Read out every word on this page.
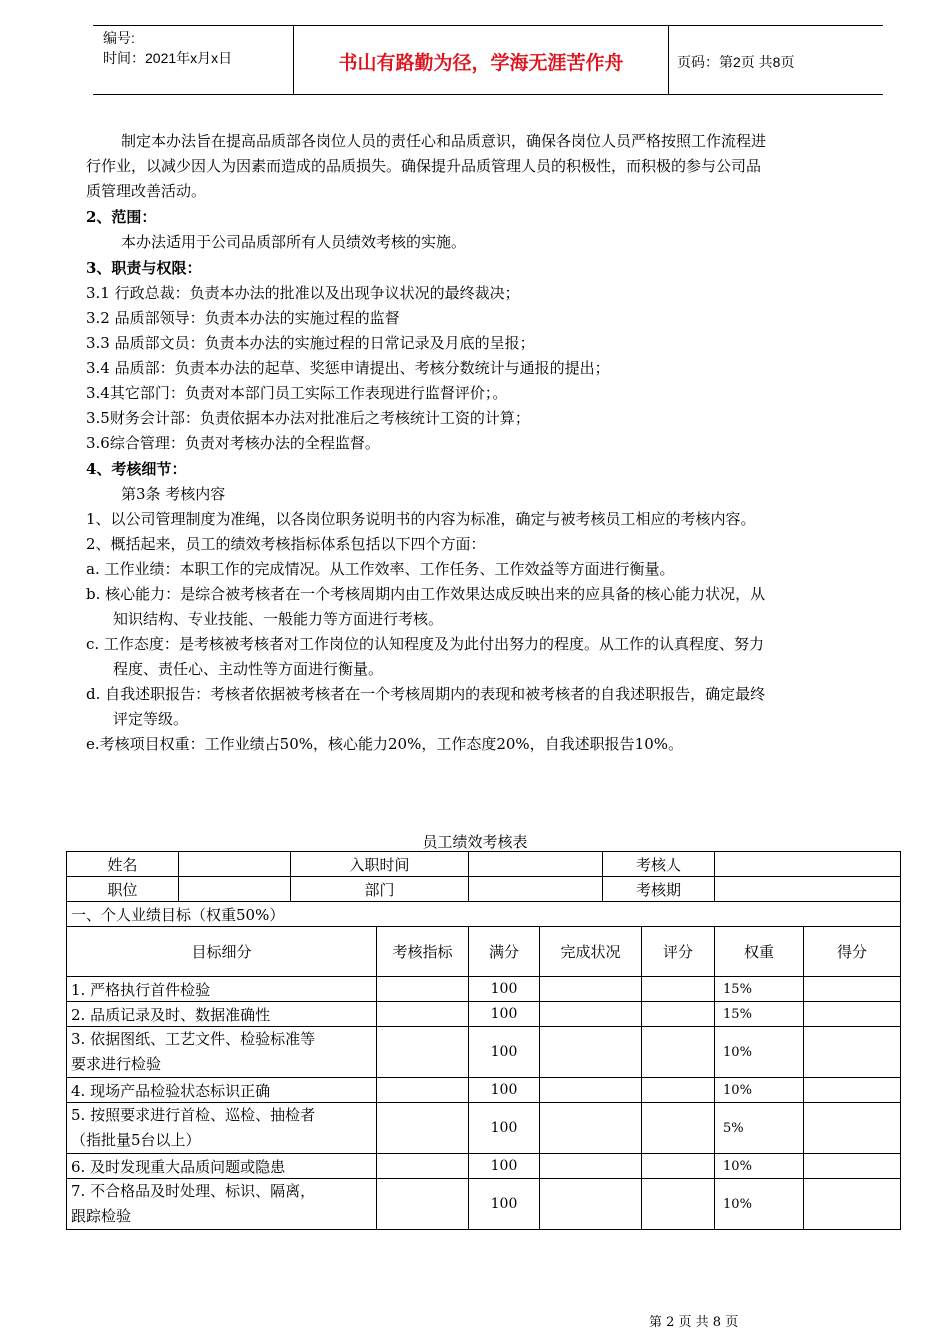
编号:
时间：2021年x月x日	书山有路勤为径，学海无涯苦作舟	页码：第2页 共8页
制定本办法旨在提高品质部各岗位人员的责任心和品质意识，确保各岗位人员严格按照工作流程进
行作业，以减少因人为因素而造成的品质损失。确保提升品质管理人员的积极性，而积极的参与公司品
质管理改善活动。
2、范围：
本办法适用于公司品质部所有人员绩效考核的实施。
3、职责与权限：
3.1 行政总裁：负责本办法的批准以及出现争议状况的最终裁决；
3.2 品质部领导：负责本办法的实施过程的监督
3.3 品质部文员：负责本办法的实施过程的日常记录及月底的呈报；
3.4 品质部：负责本办法的起草、奖惩申请提出、考核分数统计与通报的提出；
3.4其它部门：负责对本部门员工实际工作表现进行监督评价；。
3.5财务会计部：负责依据本办法对批准后之考核统计工资的计算；
3.6综合管理：负责对考核办法的全程监督。
4、考核细节：
第3条 考核内容
1、以公司管理制度为准绳，以各岗位职务说明书的内容为标准，确定与被考核员工相应的考核内容。
2、概括起来，员工的绩效考核指标体系包括以下四个方面：
a. 工作业绩：本职工作的完成情况。从工作效率、工作任务、工作效益等方面进行衡量。
b. 核心能力：是综合被考核者在一个考核周期内由工作效果达成反映出来的应具备的核心能力状况，从
知识结构、专业技能、一般能力等方面进行考核。
c. 工作态度：是考核被考核者对工作岗位的认知程度及为此付出努力的程度。从工作的认真程度、努力
程度、责任心、主动性等方面进行衡量。
d. 自我述职报告：考核者依据被考核者在一个考核周期内的表现和被考核者的自我述职报告，确定最终
评定等级。
e.考核项目权重：工作业绩占50%，核心能力20%，工作态度20%，自我述职报告10%。
员工绩效考核表
姓名		入职时间				考核人			
职位		部门				考核期			
一、个人业绩目标（权重50%）									
目标细分			考核指标	满分	完成状况		评分	权重	得分
1. 严格执行首件检验				100				15%	
2. 品质记录及时、数据准确性				100				15%	

3. 依据图纸、工艺文件、检验标准等
要求进行检验				100				10%	
4. 现场产品检验状态标识正确				100				10%	

5. 按照要求进行首检、巡检、抽检者
（指批量5台以上）				100				5%	
6. 及时发现重大品质问题或隐患				100				10%	

7. 不合格品及时处理、标识、隔离，
跟踪检验				100				10%	
第 2 页 共 8 页
